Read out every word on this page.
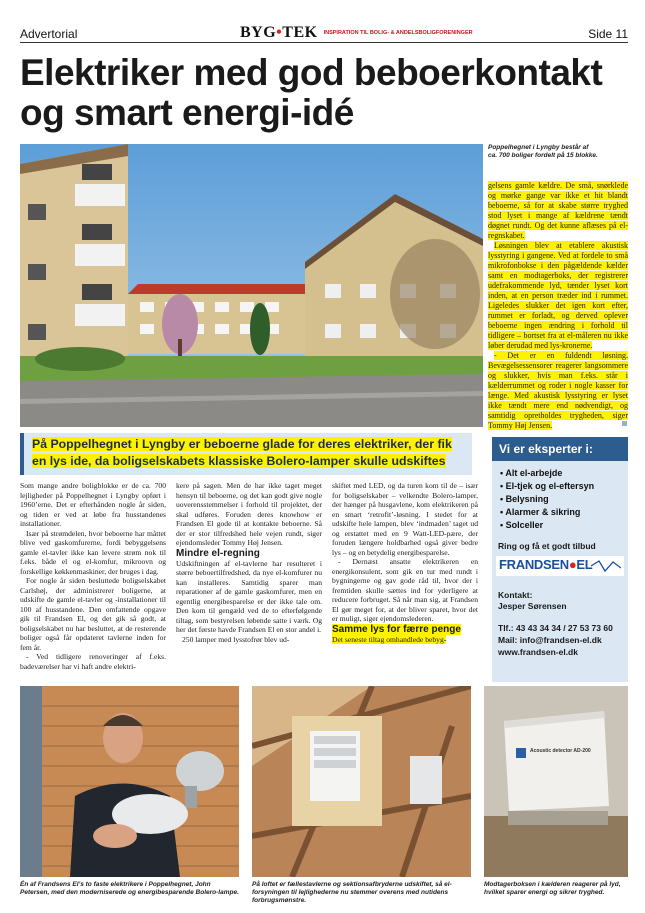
Advertorial	BYG•TEK INSPIRATION TIL BOLIG- & ANDELSBOLIGFORENINGER	Side 11
Elektriker med god beboerkontakt og smart energi-idé
Poppelhegnet i Lyngby består af ca. 700 boliger fordelt på 15 blokke.

gelsens gamle kældre. De små, snørklede og mørke gange var ikke et hit blandt beboerne, så for at skabe større tryghed stod lyset i mange af kældrene tændt døgnet rundt. Og det kunne aflæses på el-regnskabet.

Løsningen blev at etablere akustisk lysstyring i gangene. Ved at fordele to små mikrofonbokse i den pågældende kælder samt en modtagerboks, der registrerer udefrakommende lyd, tænder lyset kort inden, at en person træder ind i rummet. Ligeledes slukker det igen kort efter, rummet er forladt, og derved oplever beboerne ingen ændring i forhold til tidligere – bortset fra at el-måleren nu ikke løber derudad med lys-kronerne.

- Det er en fuldendt løsning. Bevægelsessensorer reagerer langsommere og slukker, hvis man f.eks. står i kælderrummet og roder i nogle kasser for længe. Med akustisk lysstyring er lyset ikke tændt mere end nødvendigt, og samtidig opretholdes trygheden, siger Tommy Høj Jensen.

På Poppelhegnet i Lyngby er beboerne glade for deres elektriker, der fik en lys ide, da boligselskabets klassiske Bolero-lamper skulle udskiftes

Som mange andre boligblokke er de ca. 700 lejligheder på Poppelhegnet i Lyngby opført i 1960’erne. Det er efterhånden nogle år siden, og tiden er ved at løbe fra husstandenes installationer.

Især på strømdelen, hvor beboerne har måttet blive ved gaskomfurerne, fordi bebyggelsens gamle el-tavler ikke kan levere strøm nok til f.eks. både el og el-komfur, mikroovn og forskellige køkkenmaskiner, der bruges i dag.

For nogle år siden besluttede boligselskabet Carlshøj, der administrerer boligerne, at udskifte de gamle el-tavler og -installationer til 100 af husstandene. Den omfattende opgave gik til Frandsen El, og det gik så godt, at boligselskabet nu har besluttet, at de resterende boliger også får opdateret tavlerne inden for fem år.

- Ved tidligere renoveringer af f.eks. badeværelser har vi haft andre elektri-

kere på sagen. Men de har ikke taget meget hensyn til beboerne, og det kan godt give nogle uoverensstemmelser i forhold til projektet, der skal udføres. Foruden deres knowhow er Frandsen El gode til at kontakte beboerne. Så der er stor tilfredshed hele vejen rundt, siger ejendomsleder Tommy Høj Jensen.

Mindre el-regning

Udskiftningen af el-tavlerne har resulteret i større beboertilfredshed, da nye el-komfurer nu kan installeres. Samtidig sparer man reparationer af de gamle gaskomfurer, men en egentlig energibesparelse er der ikke tale om. Den kom til gengæld ved de to efterfølgende tiltag, som bestyrelsen løbende satte i værk. Og her det første havde Frandsen El en stor andel i.

250 lamper med lysstofrør blev ud-

skiftet med LED, og da turen kom til de – især for boligselskaber – velkendte Bolero-lamper, der hænger på husgavlene, kom elektrikeren på en smart ‘retrofit’-løsning. I stedet for at udskifte hele lampen, blev ‘indmaden’ taget ud og erstattet med en 9 Watt-LED-pære, der foruden længere holdbarhed også giver bedre lys – og en betydelig energibesparelse.

- Dernæst ansatte elektrikeren en energikonsulent, som gik en tur med rundt i bygningerne og gav gode råd til, hvor der i fremtiden skulle sættes ind for yderligere at reducere forbruget. Så når man sig, at Frandsen El gør meget for, at der bliver sparet, hvor det er muligt, siger ejendomslederen.

Samme lys for færre penge

Det seneste tiltag omhandlede bebyg-

Vi er eksperter i:
• Alt el-arbejde
• El-tjek og el-eftersyn
• Belysning
• Alarmer & sikring
• Solceller
Ring og få et godt tilbud
FRANDSEN●EL
Kontakt:
Jesper Sørensen
Tlf.: 43 43 34 34 / 27 53 73 60
Mail: info@frandsen-el.dk
www.frandsen-el.dk
Én af Frandsens El’s to faste elektrikere i Poppelhegnet, John Petersen, med den moderniserede og energibesparende Bolero-lampe.
På loftet er fællestavlerne og sektionsafbryderne udskiftet, så el-forsyningen til lejlighederne nu stemmer overens med nutidens forbrugsmønstre.
Acoustic detector AD-200
Modtagerboksen i kælderen reagerer på lyd, hvilket sparer energi og sikrer tryghed.
